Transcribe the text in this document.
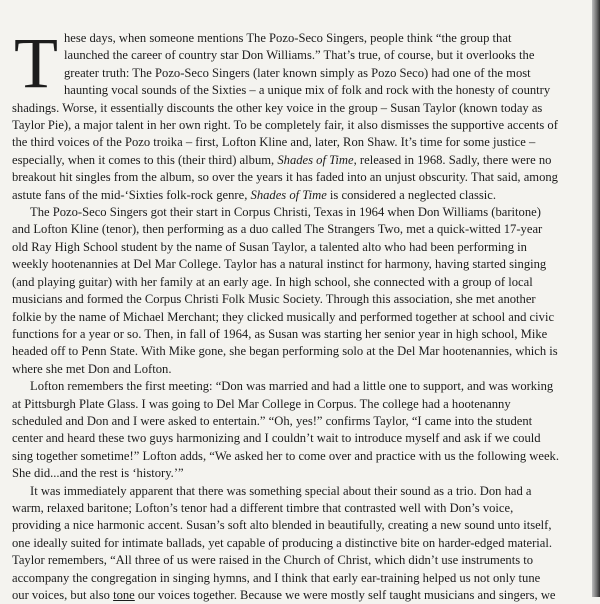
These days, when someone mentions The Pozo-Seco Singers, people think “the group that launched the career of country star Don Williams.” That’s true, of course, but it overlooks the greater truth: The Pozo-Seco Singers (later known simply as Pozo Seco) had one of the most haunting vocal sounds of the Sixties – a unique mix of folk and rock with the honesty of country shadings. Worse, it essentially discounts the other key voice in the group – Susan Taylor (known today as Taylor Pie), a major talent in her own right. To be completely fair, it also dismisses the supportive accents of the third voices of the Pozo troika – first, Lofton Kline and, later, Ron Shaw. It’s time for some justice – especially, when it comes to this (their third) album, Shades of Time, released in 1968. Sadly, there were no breakout hit singles from the album, so over the years it has faded into an unjust obscurity. That said, among astute fans of the mid-‘Sixties folk-rock genre, Shades of Time is considered a neglected classic.

The Pozo-Seco Singers got their start in Corpus Christi, Texas in 1964 when Don Williams (baritone) and Lofton Kline (tenor), then performing as a duo called The Strangers Two, met a quick-witted 17-year old Ray High School student by the name of Susan Taylor, a talented alto who had been performing in weekly hootenannies at Del Mar College. Taylor has a natural instinct for harmony, having started singing (and playing guitar) with her family at an early age. In high school, she connected with a group of local musicians and formed the Corpus Christi Folk Music Society. Through this association, she met another folkie by the name of Michael Merchant; they clicked musically and performed together at school and civic functions for a year or so. Then, in fall of 1964, as Susan was starting her senior year in high school, Mike headed off to Penn State. With Mike gone, she began performing solo at the Del Mar hootenannies, which is where she met Don and Lofton.

Lofton remembers the first meeting: “Don was married and had a little one to support, and was working at Pittsburgh Plate Glass. I was going to Del Mar College in Corpus. The college had a hootenanny scheduled and Don and I were asked to entertain.” “Oh, yes!” confirms Taylor, “I came into the student center and heard these two guys harmonizing and I couldn’t wait to introduce myself and ask if we could sing together sometime!” Lofton adds, “We asked her to come over and practice with us the following week. She did...and the rest is ‘history.’”

It was immediately apparent that there was something special about their sound as a trio. Don had a warm, relaxed baritone; Lofton’s tenor had a different timbre that contrasted well with Don’s voice, providing a nice harmonic accent. Susan’s soft alto blended in beautifully, creating a new sound unto itself, one ideally suited for intimate ballads, yet capable of producing a distinctive bite on harder-edged material. Taylor remembers, “All three of us were raised in the Church of Christ, which didn’t use instruments to accompany the congregation in singing hymns, and I think that early ear-training helped us not only tune our voices, but also tone our voices together. Because we were mostly self taught musicians and singers, we
